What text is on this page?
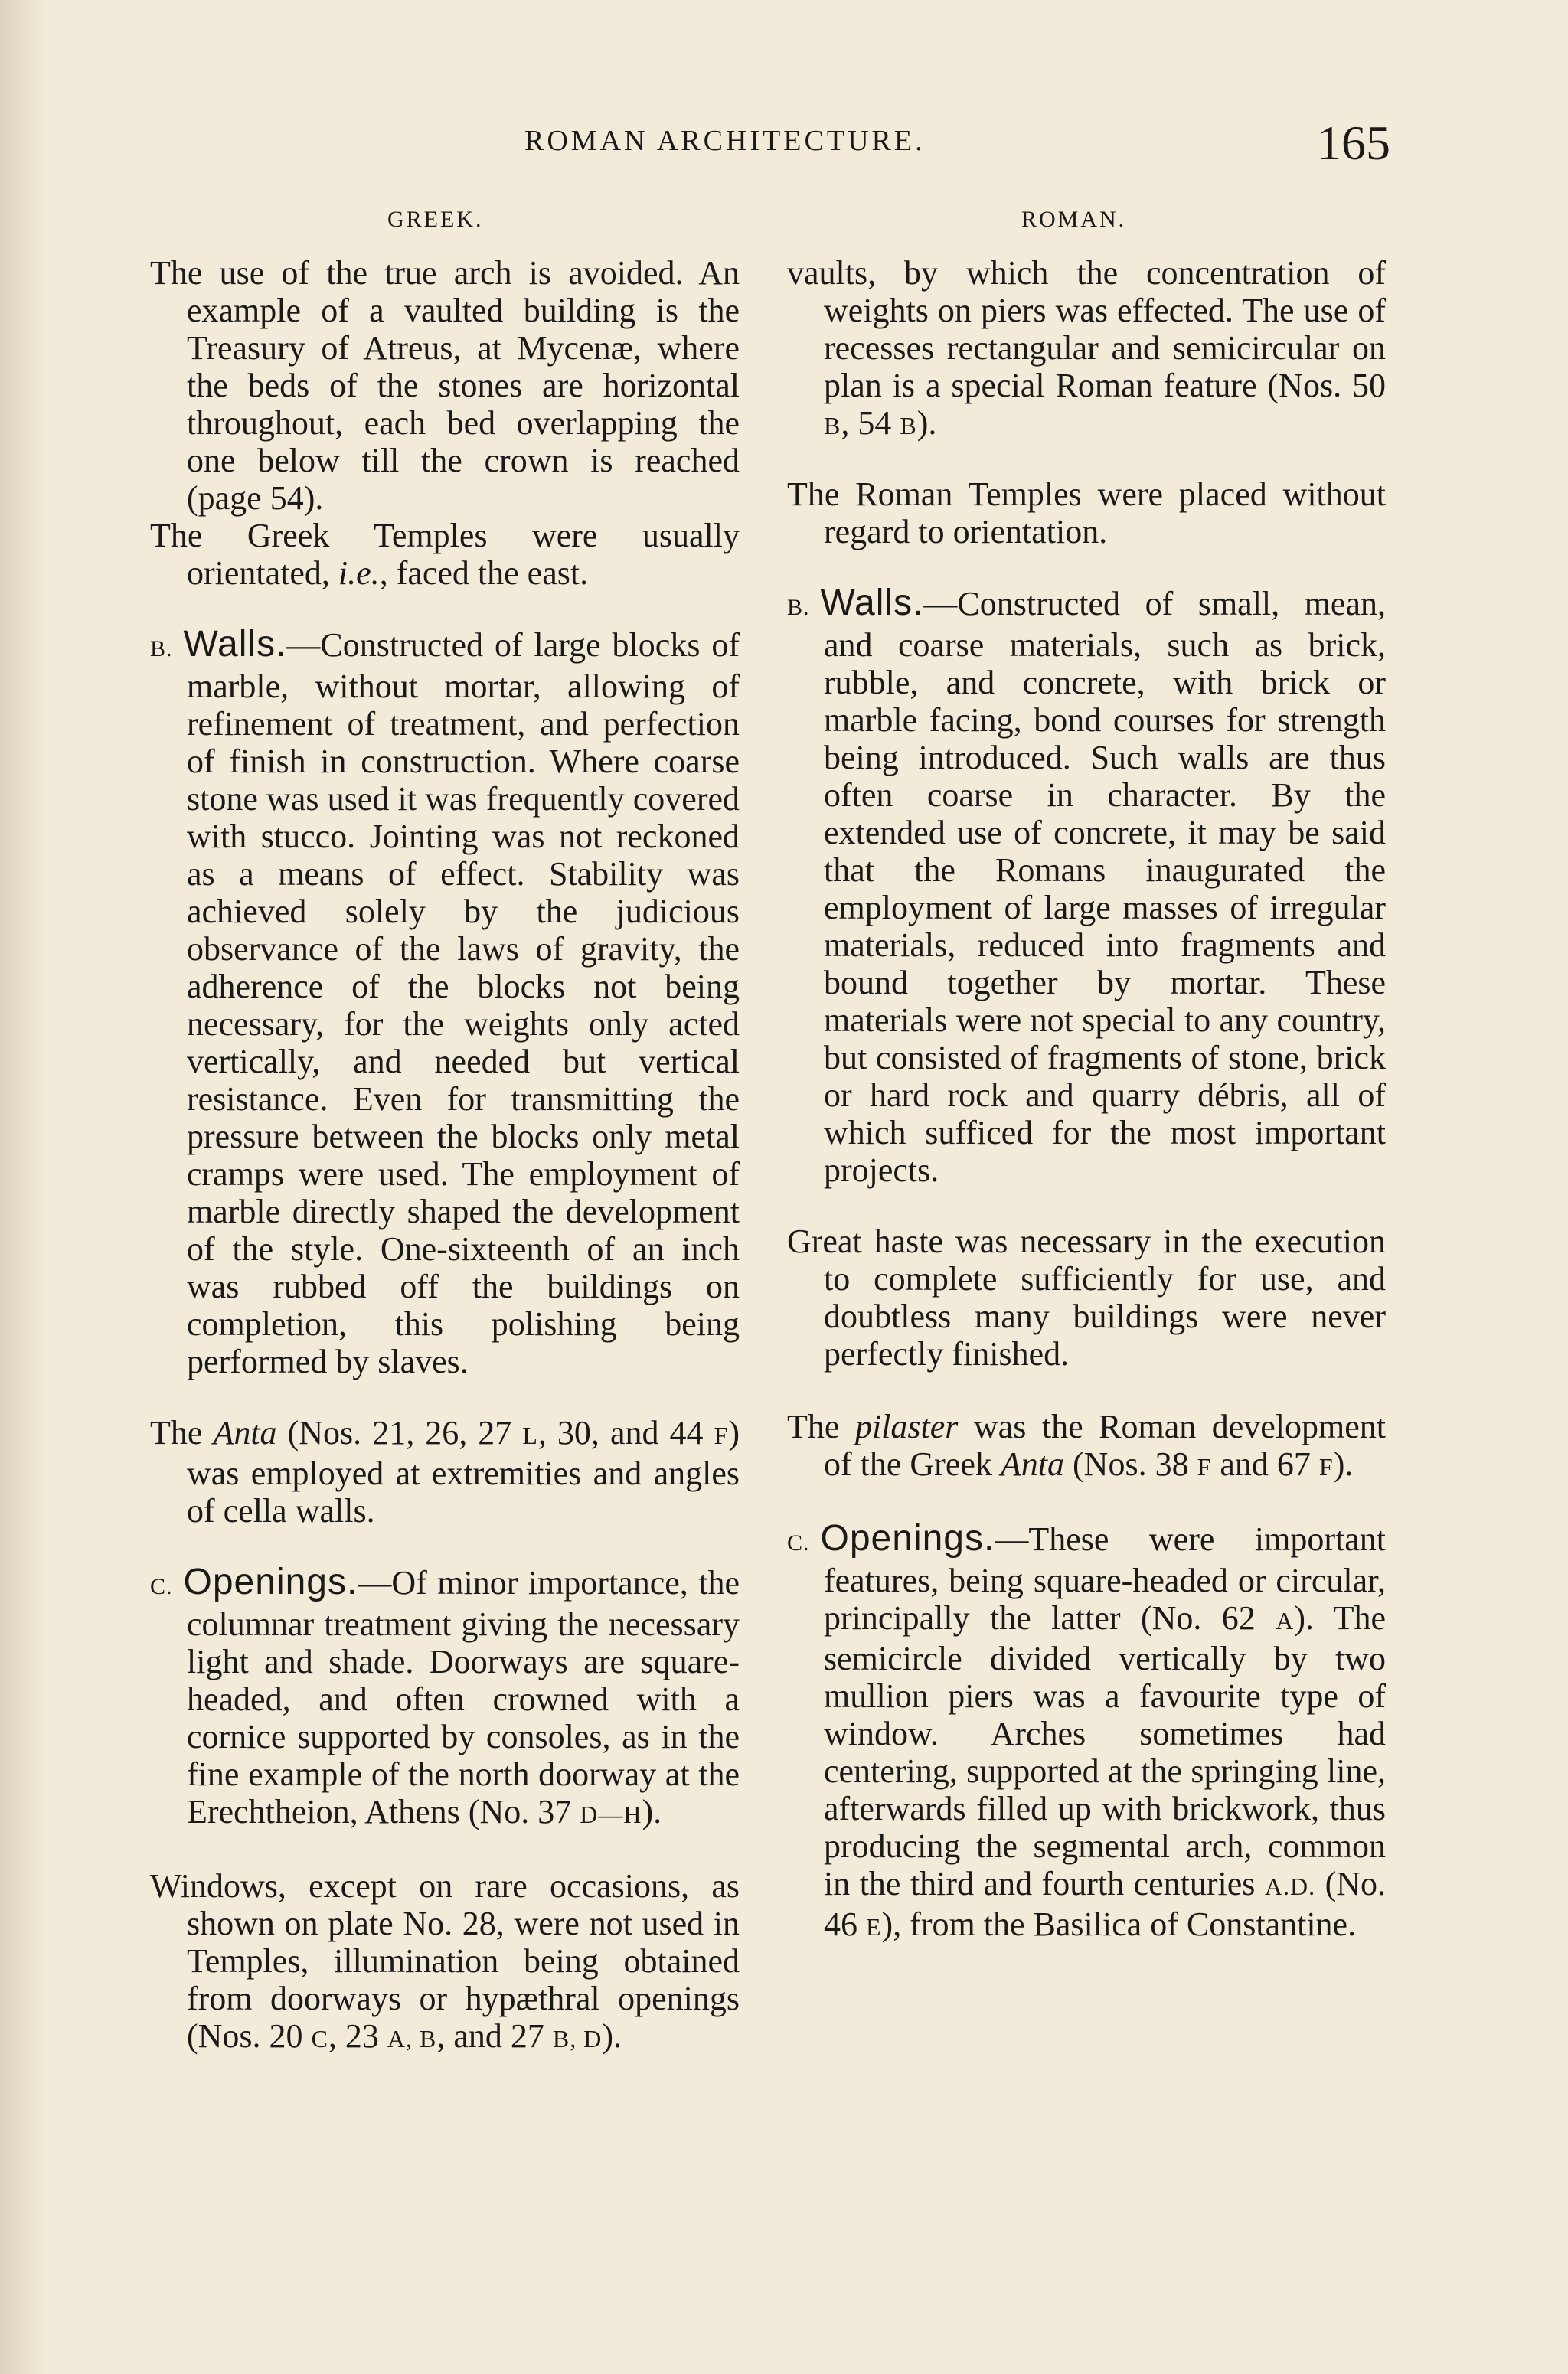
ROMAN ARCHITECTURE.	165
GREEK.	ROMAN.

The use of the true arch is avoided. An example of a vaulted building is the Treasury of Atreus, at Mycenæ, where the beds of the stones are horizontal throughout, each bed overlapping the one below till the crown is reached (page 54).

The Greek Temples were usually orientated, i.e., faced the east.

B. Walls.—Constructed of large blocks of marble, without mortar, allowing of refinement of treatment, and perfection of finish in construction. Where coarse stone was used it was frequently covered with stucco. Jointing was not reckoned as a means of effect. Stability was achieved solely by the judicious observance of the laws of gravity, the adherence of the blocks not being necessary, for the weights only acted vertically, and needed but vertical resistance. Even for transmitting the pressure between the blocks only metal cramps were used. The employment of marble directly shaped the development of the style. One-sixteenth of an inch was rubbed off the buildings on completion, this polishing being performed by slaves.

The Anta (Nos. 21, 26, 27 L, 30, and 44 F) was employed at extremities and angles of cella walls.

C. Openings.—Of minor importance, the columnar treatment giving the necessary light and shade. Doorways are square-headed, and often crowned with a cornice supported by consoles, as in the fine example of the north doorway at the Erechtheion, Athens (No. 37 D—H).

Windows, except on rare occasions, as shown on plate No. 28, were not used in Temples, illumination being obtained from doorways or hypæthral openings (Nos. 20 C, 23 A, B, and 27 B, D).

vaults, by which the concentration of weights on piers was effected. The use of recesses rectangular and semicircular on plan is a special Roman feature (Nos. 50 B, 54 B).

The Roman Temples were placed without regard to orientation.

B. Walls.—Constructed of small, mean, and coarse materials, such as brick, rubble, and concrete, with brick or marble facing, bond courses for strength being introduced. Such walls are thus often coarse in character. By the extended use of concrete, it may be said that the Romans inaugurated the employment of large masses of irregular materials, reduced into fragments and bound together by mortar. These materials were not special to any country, but consisted of fragments of stone, brick or hard rock and quarry débris, all of which sufficed for the most important projects.

Great haste was necessary in the execution to complete sufficiently for use, and doubtless many buildings were never perfectly finished.

The pilaster was the Roman development of the Greek Anta (Nos. 38 F and 67 F).

C. Openings.—These were important features, being square-headed or circular, principally the latter (No. 62 A). The semicircle divided vertically by two mullion piers was a favourite type of window. Arches sometimes had centering, supported at the springing line, afterwards filled up with brickwork, thus producing the segmental arch, common in the third and fourth centuries A.D. (No. 46 E), from the Basilica of Constantine.
